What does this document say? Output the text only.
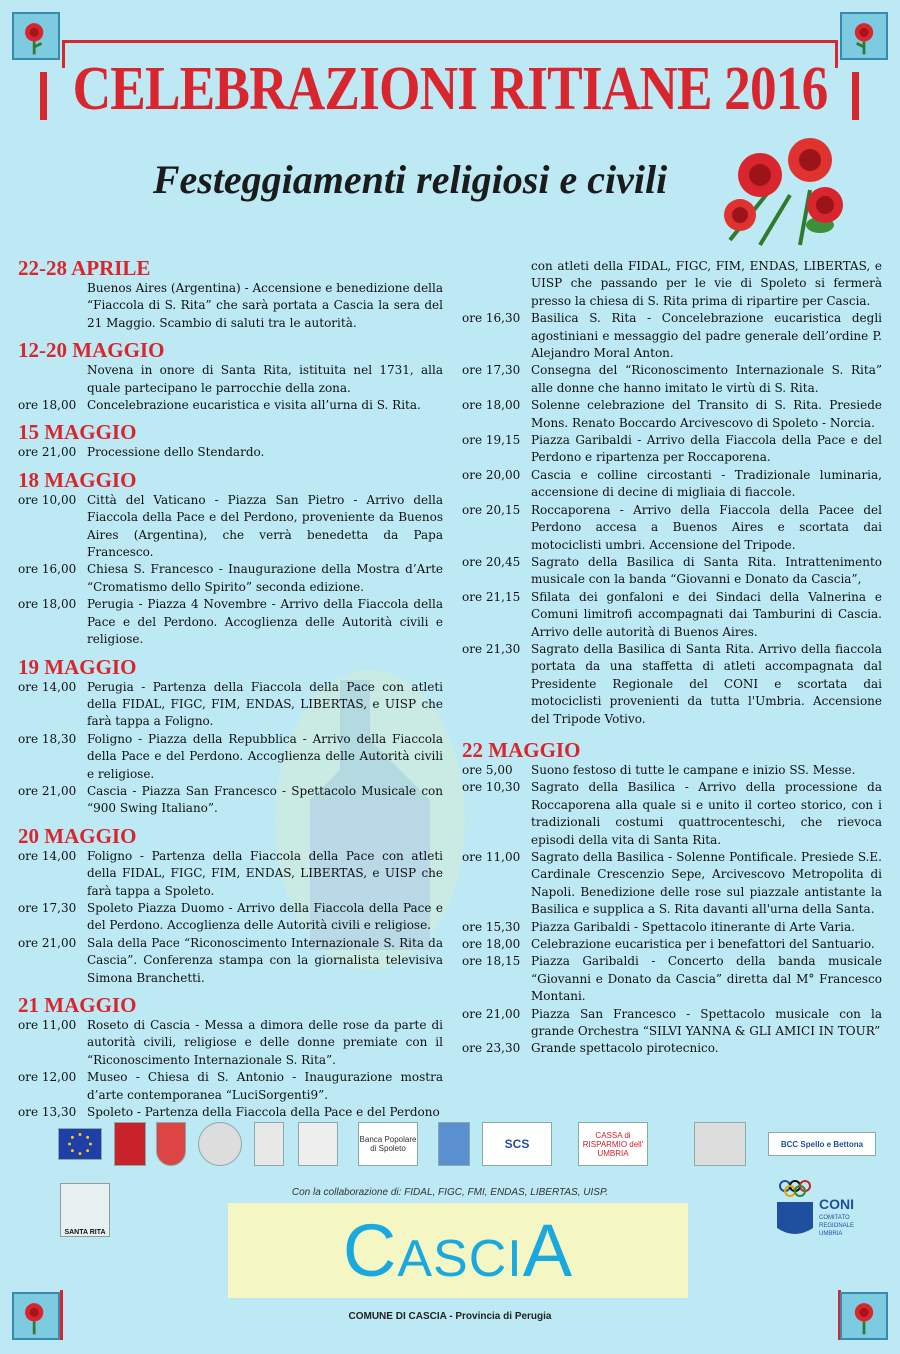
CELEBRAZIONI RITIANE 2016
Festeggiamenti religiosi e civili
22-28 APRILE
Buenos Aires (Argentina) - Accensione e benedizione della “Fiaccola di S. Rita” che sarà portata a Cascia la sera del 21 Maggio. Scambio di saluti tra le autorità.
12-20 MAGGIO
Novena in onore di Santa Rita, istituita nel 1731, alla quale partecipano le parrocchie della zona.
ore 18,00 Concelebrazione eucaristica e visita all’urna di S. Rita.
15 MAGGIO
ore 21,00 Processione dello Stendardo.
18 MAGGIO
ore 10,00 Città del Vaticano - Piazza San Pietro - Arrivo della Fiaccola della Pace e del Perdono, proveniente da Buenos Aires (Argentina), che verrà benedetta da Papa Francesco.
ore 16,00 Chiesa S. Francesco - Inaugurazione della Mostra d’Arte “Cromatismo dello Spirito” seconda edizione.
ore 18,00 Perugia - Piazza 4 Novembre - Arrivo della Fiaccola della Pace e del Perdono. Accoglienza delle Autorità civili e religiose.
19 MAGGIO
ore 14,00 Perugia - Partenza della Fiaccola della Pace con atleti della FIDAL, FIGC, FIM, ENDAS, LIBERTAS, e UISP che farà tappa a Foligno.
ore 18,30 Foligno - Piazza della Repubblica - Arrivo della Fiaccola della Pace e del Perdono. Accoglienza delle Autorità civili e religiose.
ore 21,00 Cascia - Piazza San Francesco - Spettacolo Musicale con “900 Swing Italiano”.
20 MAGGIO
ore 14,00 Foligno - Partenza della Fiaccola della Pace con atleti della FIDAL, FIGC, FIM, ENDAS, LIBERTAS, e UISP che farà tappa a Spoleto.
ore 17,30 Spoleto Piazza Duomo - Arrivo della Fiaccola della Pace e del Perdono. Accoglienza delle Autorità civili e religiose.
ore 21,00 Sala della Pace “Riconoscimento Internazionale S. Rita da Cascia”. Conferenza stampa con la giornalista televisiva Simona Branchetti.
21 MAGGIO
ore 11,00 Roseto di Cascia - Messa a dimora delle rose da parte di autorità civili, religiose e delle donne premiate con il “Riconoscimento Internazionale S. Rita”.
ore 12,00 Museo - Chiesa di S. Antonio - Inaugurazione mostra d’arte contemporanea “LuciSorgenti9”.
ore 13,30 Spoleto - Partenza della Fiaccola della Pace e del Perdono
con atleti della FIDAL, FIGC, FIM, ENDAS, LIBERTAS, e UISP che passando per le vie di Spoleto si fermerà presso la chiesa di S. Rita prima di ripartire per Cascia.
ore 16,30 Basilica S. Rita - Concelebrazione eucaristica degli agostiniani e messaggio del padre generale dell’ordine P. Alejandro Moral Anton.
ore 17,30 Consegna del “Riconoscimento Internazionale S. Rita” alle donne che hanno imitato le virtù di S. Rita.
ore 18,00 Solenne celebrazione del Transito di S. Rita. Presiede Mons. Renato Boccardo Arcivescovo di Spoleto - Norcia.
ore 19,15 Piazza Garibaldi - Arrivo della Fiaccola della Pace e del Perdono e ripartenza per Roccaporena.
ore 20,00 Cascia e colline circostanti - Tradizionale luminaria, accensione di decine di migliaia di fiaccole.
ore 20,15 Roccaporena - Arrivo della Fiaccola della Pacee del Perdono accesa a Buenos Aires e scortata dai motociclisti umbri. Accensione del Tripode.
ore 20,45 Sagrato della Basilica di Santa Rita. Intrattenimento musicale con la banda “Giovanni e Donato da Cascia”,
ore 21,15 Sfilata dei gonfaloni e dei Sindaci della Valnerina e Comuni limitrofi accompagnati dai Tamburini di Cascia. Arrivo delle autorità di Buenos Aires.
ore 21,30 Sagrato della Basilica di Santa Rita. Arrivo della fiaccola portata da una staffetta di atleti accompagnata dal Presidente Regionale del CONI e scortata dai motociclisti provenienti da tutta l'Umbria. Accensione del Tripode Votivo.
22 MAGGIO
ore 5,00	Suono festoso di tutte le campane e inizio SS. Messe.
ore 10,30 Sagrato della Basilica - Arrivo della processione da Roccaporena alla quale si e unito il corteo storico, con i tradizionali costumi quattrocenteschi, che rievoca episodi della vita di Santa Rita.
ore 11,00 Sagrato della Basilica - Solenne Pontificale. Presiede S.E. Cardinale Crescenzio Sepe, Arcivescovo Metropolita di Napoli. Benedizione delle rose sul piazzale antistante la Basilica e supplica a S. Rita davanti all'urna della Santa.
ore 15,30 Piazza Garibaldi - Spettacolo itinerante di Arte Varia.
ore 18,00 Celebrazione eucaristica per i benefattori del Santuario.
ore 18,15 Piazza Garibaldi - Concerto della banda musicale “Giovanni e Donato da Cascia” diretta dal M° Francesco Montani.
ore 21,00 Piazza San Francesco - Spettacolo musicale con la grande Orchestra “SILVI YANNA & GLI AMICI IN TOUR”
ore 23,30 Grande spettacolo pirotecnico.
Banca Popolare di Spoleto	SCS
CASSA di RISPARMIO dell' UMBRIA
BCC Spello e Bettona
SANTA RITA
Con la collaborazione di: FIDAL, FIGC, FMI, ENDAS, LIBERTAS, UISP.
CasciA
CONI
COMITATO REGIONALE UMBRIA
COMUNE DI CASCIA - Provincia di Perugia
